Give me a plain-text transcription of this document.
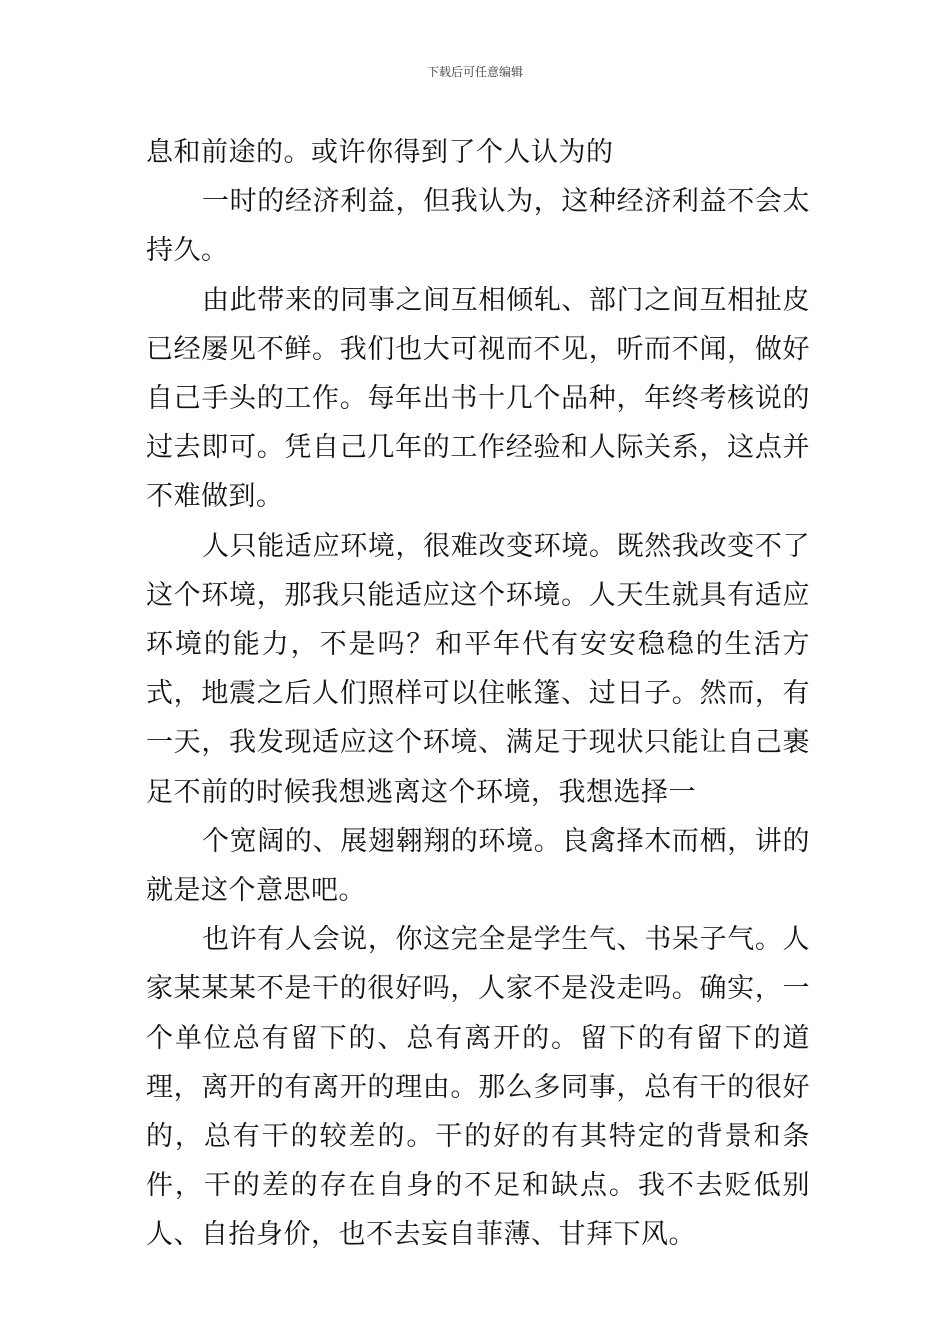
下载后可任意编辑

息和前途的。或许你得到了个人认为的

一时的经济利益，但我认为，这种经济利益不会太持久。

由此带来的同事之间互相倾轧、部门之间互相扯皮已经屡见不鲜。我们也大可视而不见，听而不闻，做好自己手头的工作。每年出书十几个品种，年终考核说的过去即可。凭自己几年的工作经验和人际关系，这点并不难做到。

人只能适应环境，很难改变环境。既然我改变不了这个环境，那我只能适应这个环境。人天生就具有适应环境的能力，不是吗？和平年代有安安稳稳的生活方式，地震之后人们照样可以住帐篷、过日子。然而，有一天，我发现适应这个环境、满足于现状只能让自己裹足不前的时候我想逃离这个环境，我想选择一

个宽阔的、展翅翱翔的环境。良禽择木而栖，讲的就是这个意思吧。

也许有人会说，你这完全是学生气、书呆子气。人家某某某不是干的很好吗，人家不是没走吗。确实，一个单位总有留下的、总有离开的。留下的有留下的道理，离开的有离开的理由。那么多同事，总有干的很好的，总有干的较差的。干的好的有其特定的背景和条件，干的差的存在自身的不足和缺点。我不去贬低别人、自抬身价，也不去妄自菲薄、甘拜下风。
